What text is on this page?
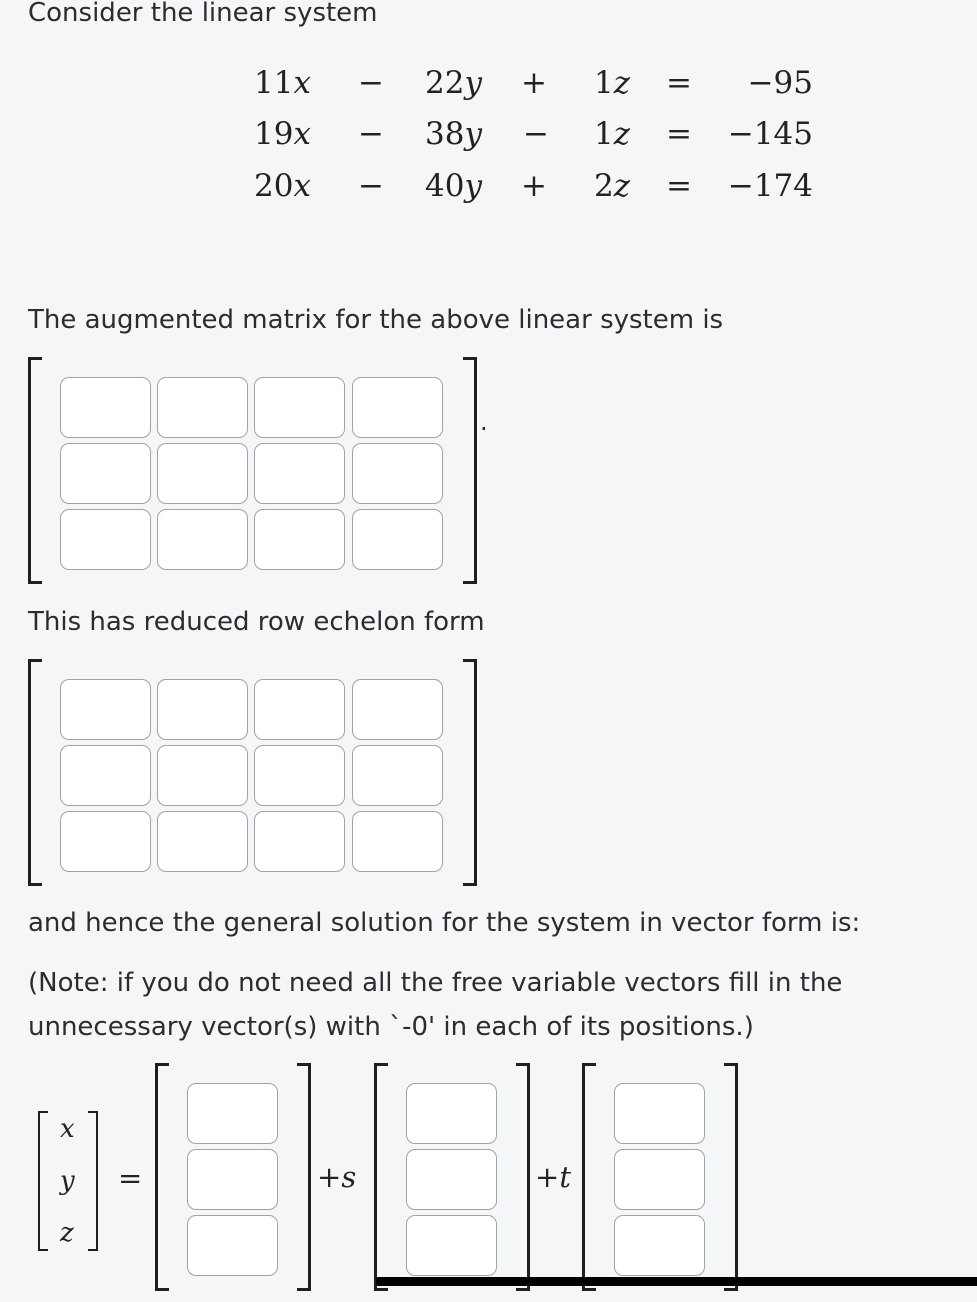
Consider the linear system

11x − 22y + 1z = −95
19x − 38y − 1z = −145
20x − 40y + 2z = −174

The augmented matrix for the above linear system is

.

This has reduced row echelon form

and hence the general solution for the system in vector form is:

(Note: if you do not need all the free variable vectors fill in the

unnecessary vector(s) with `-0' in each of its positions.)

x
y
z
=	+s	+t
